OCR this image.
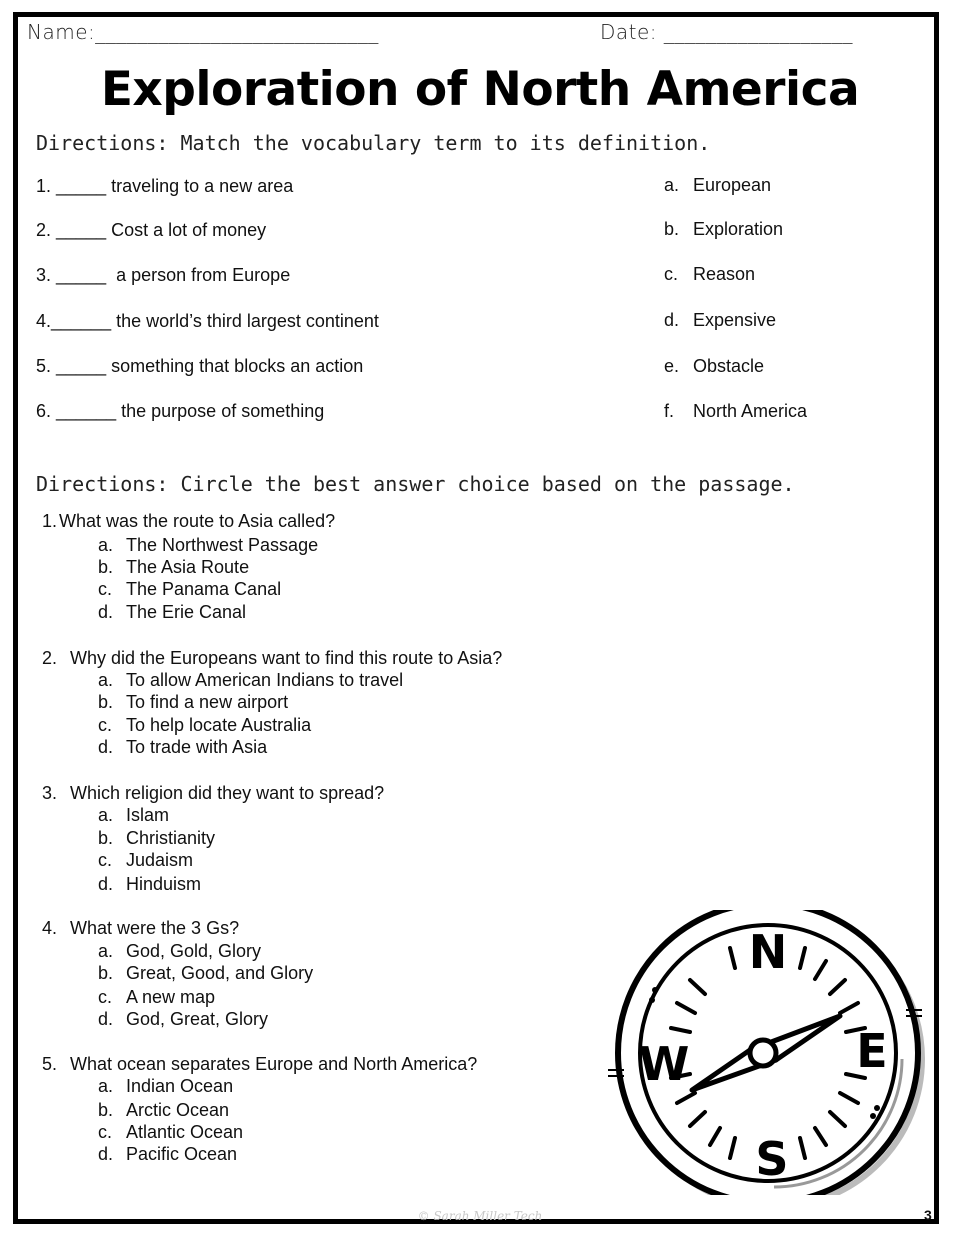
Name:___________________________	Date: __________________
Exploration of North America
Directions: Match the vocabulary term to its definition.
1. _____ traveling to a new area
2. _____ Cost a lot of money
3. _____ a person from Europe
4.______ the world’s third largest continent
5. _____ something that blocks an action
6. ______ the purpose of something
a. European
b. Exploration
c. Reason
d. Expensive
e. Obstacle
f. North America
Directions: Circle the best answer choice based on the passage.
1. What was the route to Asia called?
a. The Northwest Passage
b. The Asia Route
c. The Panama Canal
d. The Erie Canal
2. Why did the Europeans want to find this route to Asia?
a. To allow American Indians to travel
b. To find a new airport
c. To help locate Australia
d. To trade with Asia
3. Which religion did they want to spread?
a. Islam
b. Christianity
c. Judaism
d. Hinduism
4. What were the 3 Gs?
a. God, Gold, Glory
b. Great, Good, and Glory
c. A new map
d. God, Great, Glory
5. What ocean separates Europe and North America?
a. Indian Ocean
b. Arctic Ocean
c. Atlantic Ocean
d. Pacific Ocean
N
E
S
W
© Sarah Miller Tech	3
